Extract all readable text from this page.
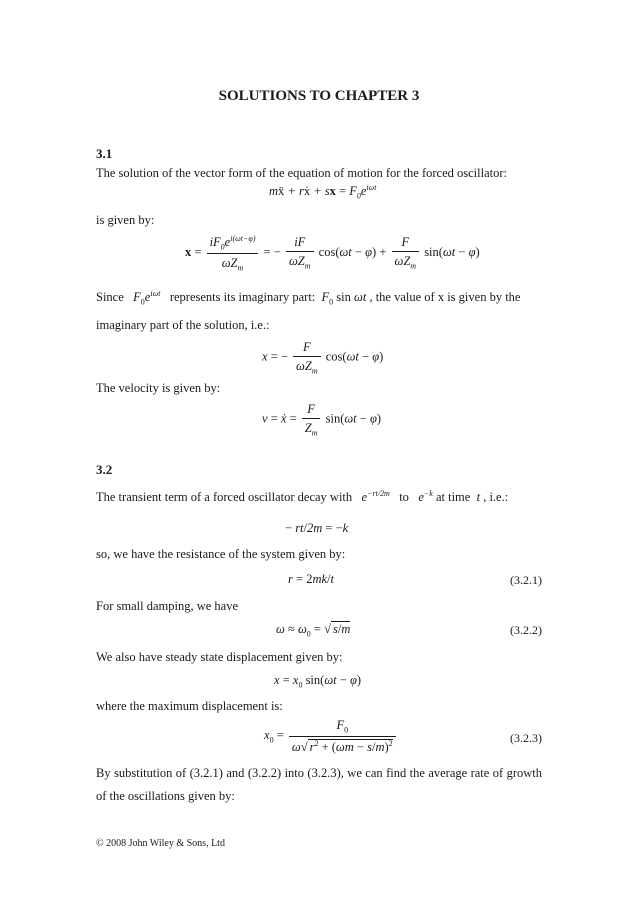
SOLUTIONS TO CHAPTER 3
3.1
The solution of the vector form of the equation of motion for the forced oscillator:
mẍ + rẋ + sx = $F_0e^{i\omega t}$
is given by:
$x = \frac{iF_0e^{i(\omega t-\varphi)}}{\omega Z_m}$ = − $\frac{iF}{\omega Z_m} \cos(\omega t - \varphi) + \frac{F}{\omega Z_m} \sin(\omega t - \varphi)$
Since $F_0e^{i\omega t}$ represents its imaginary part: $F_0$ sin ωt , the value of x is given by the
imaginary part of the solution, i.e.:
x = − $\frac{F}{\omega Z_m} \cos(\omega t - \varphi)$
The velocity is given by:
v = ẋ = $\frac{F}{Z_m} \sin(\omega t - \varphi)$
3.2
The transient term of a forced oscillator decay with $e^{-rt/2m}$ to $e^{-k}$ at time t , i.e.:
− rt/2m = −k
so, we have the resistance of the system given by:
r = 2mk/t	(3.2.1)
For small damping, we have
$\omega \approx \omega_0$ = √ s/m	(3.2.2)
We also have steady state displacement given by:
$x = x_0$ sin(ωt − φ)
where the maximum displacement is:
$x_0 = \frac{F_0}{\omega√ r^2 + (\omega m - s/m)^2}$	(3.2.3)
By substitution of (3.2.1) and (3.2.2) into (3.2.3), we can find the average rate of growth of the oscillations given by:
© 2008 John Wiley & Sons, Ltd
